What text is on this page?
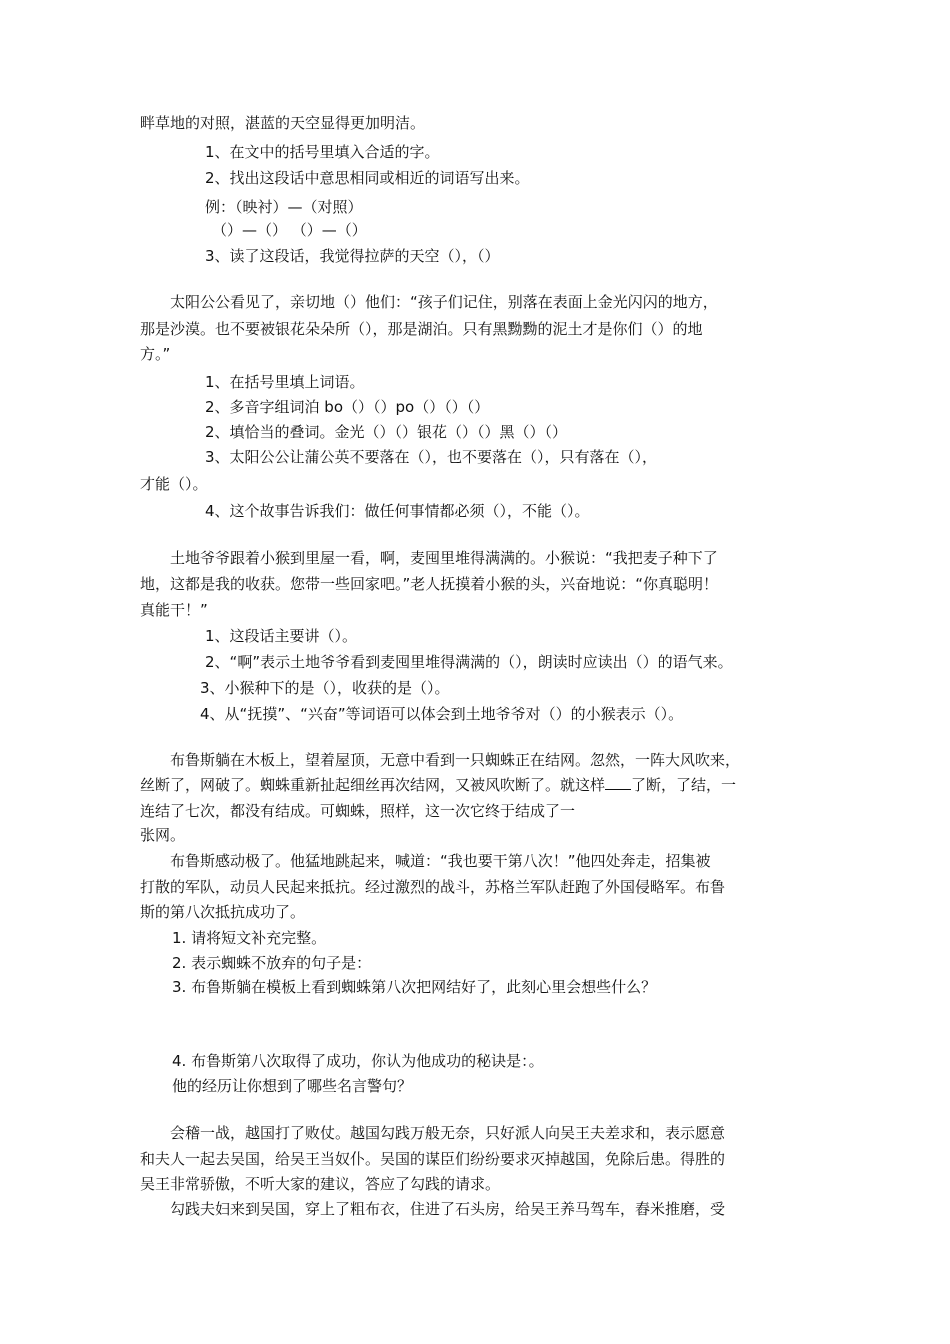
畔草地的对照，湛蓝的天空显得更加明洁。
1、在文中的括号里填入合适的字。
2、找出这段话中意思相同或相近的词语写出来。
例：（映衬）—（对照）
（）—（） （）—（）
3、读了这段话，我觉得拉萨的天空（），（）
太阳公公看见了，亲切地（）他们：“孩子们记住，别落在表面上金光闪闪的地方，
那是沙漠。也不要被银花朵朵所（），那是湖泊。只有黑黝黝的泥土才是你们（）的地
方。”
1、在括号里填上词语。
2、多音字组词泊 bo（）（）po（）（）（）
2、填恰当的叠词。金光（）（）银花（）（）黑（）（）
3、太阳公公让蒲公英不要落在（），也不要落在（），只有落在（），
才能（）。
4、这个故事告诉我们：做任何事情都必须（），不能（）。
土地爷爷跟着小猴到里屋一看，啊，麦囤里堆得满满的。小猴说：“我把麦子种下了
地，这都是我的收获。您带一些回家吧。”老人抚摸着小猴的头，兴奋地说：“你真聪明！
真能干！”
1、这段话主要讲（）。
2、“啊”表示土地爷爷看到麦囤里堆得满满的（），朗读时应读出（）的语气来。
3、小猴种下的是（），收获的是（）。
4、从“抚摸”、“兴奋”等词语可以体会到土地爷爷对（）的小猴表示（）。
布鲁斯躺在木板上，望着屋顶，无意中看到一只蜘蛛正在结网。忽然，一阵大风吹来，
丝断了，网破了。蜘蛛重新扯起细丝再次结网，又被风吹断了。就这样 了断，了结，一
连结了七次，都没有结成。可蜘蛛，照样，这一次它终于结成了一
张网。
布鲁斯感动极了。他猛地跳起来，喊道：“我也要干第八次！”他四处奔走，招集被
打散的军队，动员人民起来抵抗。经过激烈的战斗，苏格兰军队赶跑了外国侵略军。布鲁
斯的第八次抵抗成功了。
1. 请将短文补充完整。
2. 表示蜘蛛不放弃的句子是：
3. 布鲁斯躺在模板上看到蜘蛛第八次把网结好了，此刻心里会想些什么？
4. 布鲁斯第八次取得了成功，你认为他成功的秘诀是：。
他的经历让你想到了哪些名言警句？
会稽一战，越国打了败仗。越国勾践万般无奈，只好派人向吴王夫差求和，表示愿意
和夫人一起去吴国，给吴王当奴仆。吴国的谋臣们纷纷要求灭掉越国，免除后患。得胜的
吴王非常骄傲，不听大家的建议，答应了勾践的请求。
勾践夫妇来到吴国，穿上了粗布衣，住进了石头房，给吴王养马驾车，舂米推磨，受
